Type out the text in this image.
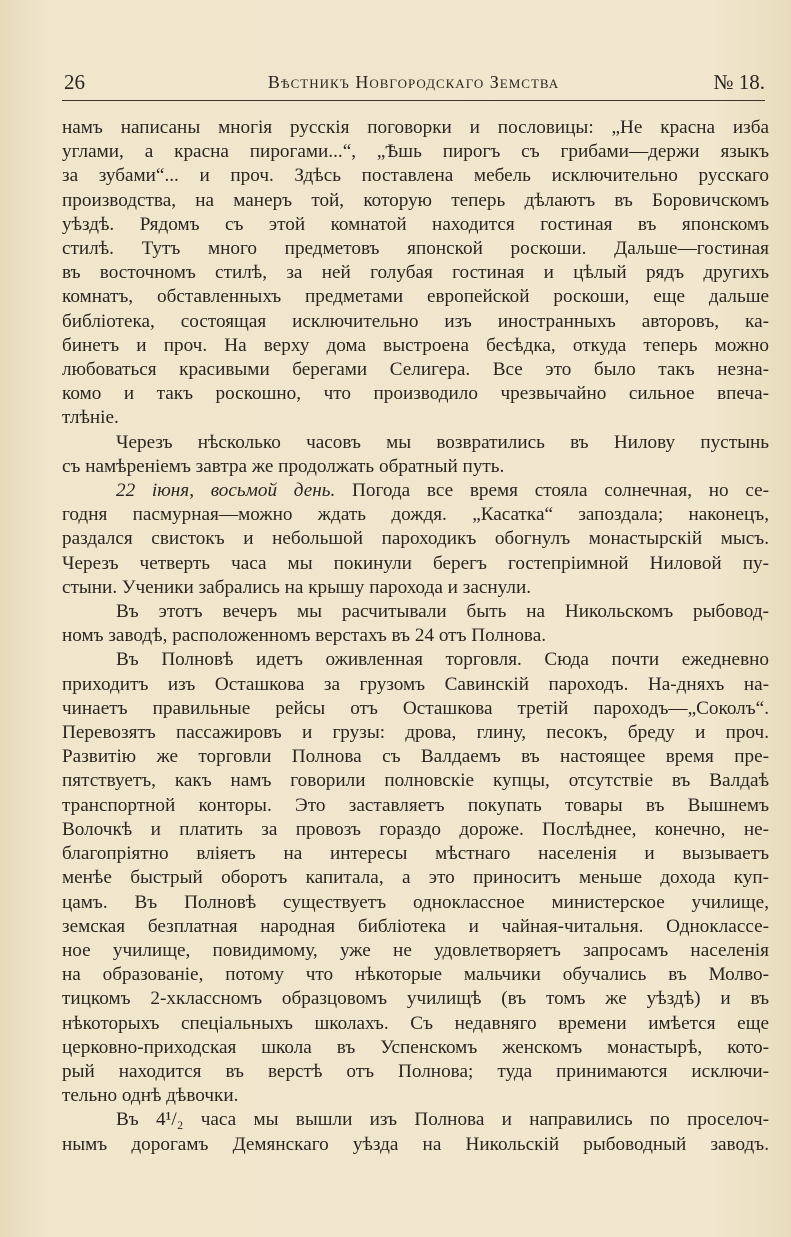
26	Вѣстникъ Новгородскаго Земства	№ 18.
намъ написаны многія русскія поговорки и пословицы: „Не красна изба
углами, а красна пирогами...“, „Ѣшь пирогъ съ грибами—держи языкъ
за зубами“... и проч. Здѣсь поставлена мебель исключительно русскаго
производства, на манеръ той, которую теперь дѣлаютъ въ Боровичскомъ
уѣздѣ. Рядомъ съ этой комнатой находится гостиная въ японскомъ
стилѣ. Тутъ много предметовъ японской роскоши. Дальше—гостиная
въ восточномъ стилѣ, за ней голубая гостиная и цѣлый рядъ другихъ
комнатъ, обставленныхъ предметами европейской роскоши, еще дальше
библіотека, состоящая исключительно изъ иностранныхъ авторовъ, ка-
бинетъ и проч. На верху дома выстроена бесѣдка, откуда теперь можно
любоваться красивыми берегами Селигера. Все это было такъ незна-
комо и такъ роскошно, что производило чрезвычайно сильное впеча-
тлѣніе.
Черезъ нѣсколько часовъ мы возвратились въ Нилову пустынь
съ намѣреніемъ завтра же продолжать обратный путь.
22 іюня, восьмой день. Погода все время стояла солнечная, но се-
годня пасмурная—можно ждать дождя. „Касатка“ запоздала; наконецъ,
раздался свистокъ и небольшой пароходикъ обогнулъ монастырскій мысъ.
Черезъ четверть часа мы покинули берегъ гостепріимной Ниловой пу-
стыни. Ученики забрались на крышу парохода и заснули.
Въ этотъ вечеръ мы расчитывали быть на Никольскомъ рыбовод-
номъ заводѣ, расположенномъ верстахъ въ 24 отъ Полнова.
Въ Полновѣ идетъ оживленная торговля. Сюда почти ежедневно
приходитъ изъ Осташкова за грузомъ Савинскій пароходъ. На-дняхъ на-
чинаетъ правильные рейсы отъ Осташкова третій пароходъ—„Соколъ“.
Перевозятъ пассажировъ и грузы: дрова, глину, песокъ, бреду и проч.
Развитію же торговли Полнова съ Валдаемъ въ настоящее время пре-
пятствуетъ, какъ намъ говорили полновскіе купцы, отсутствіе въ Валдаѣ
транспортной конторы. Это заставляетъ покупать товары въ Вышнемъ
Волочкѣ и платить за провозъ гораздо дороже. Послѣднее, конечно, не-
благопріятно вліяетъ на интересы мѣстнаго населенія и вызываетъ
менѣе быстрый оборотъ капитала, а это приноситъ меньше дохода куп-
цамъ. Въ Полновѣ существуетъ одноклассное министерское училище,
земская безплатная народная библіотека и чайная-читальня. Одноклассе-
ное училище, повидимому, уже не удовлетворяетъ запросамъ населенія
на образованіе, потому что нѣкоторые мальчики обучались въ Молво-
тицкомъ 2-хклассномъ образцовомъ училищѣ (въ томъ же уѣздѣ) и въ
нѣкоторыхъ спеціальныхъ школахъ. Съ недавняго времени имѣется еще
церковно-приходская школа въ Успенскомъ женскомъ монастырѣ, кото-
рый находится въ верстѣ отъ Полнова; туда принимаются исключи-
тельно однѣ дѣвочки.
Въ 4¹/₂ часа мы вышли изъ Полнова и направились по проселоч-
нымъ дорогамъ Демянскаго уѣзда на Никольскій рыбоводный заводъ.
